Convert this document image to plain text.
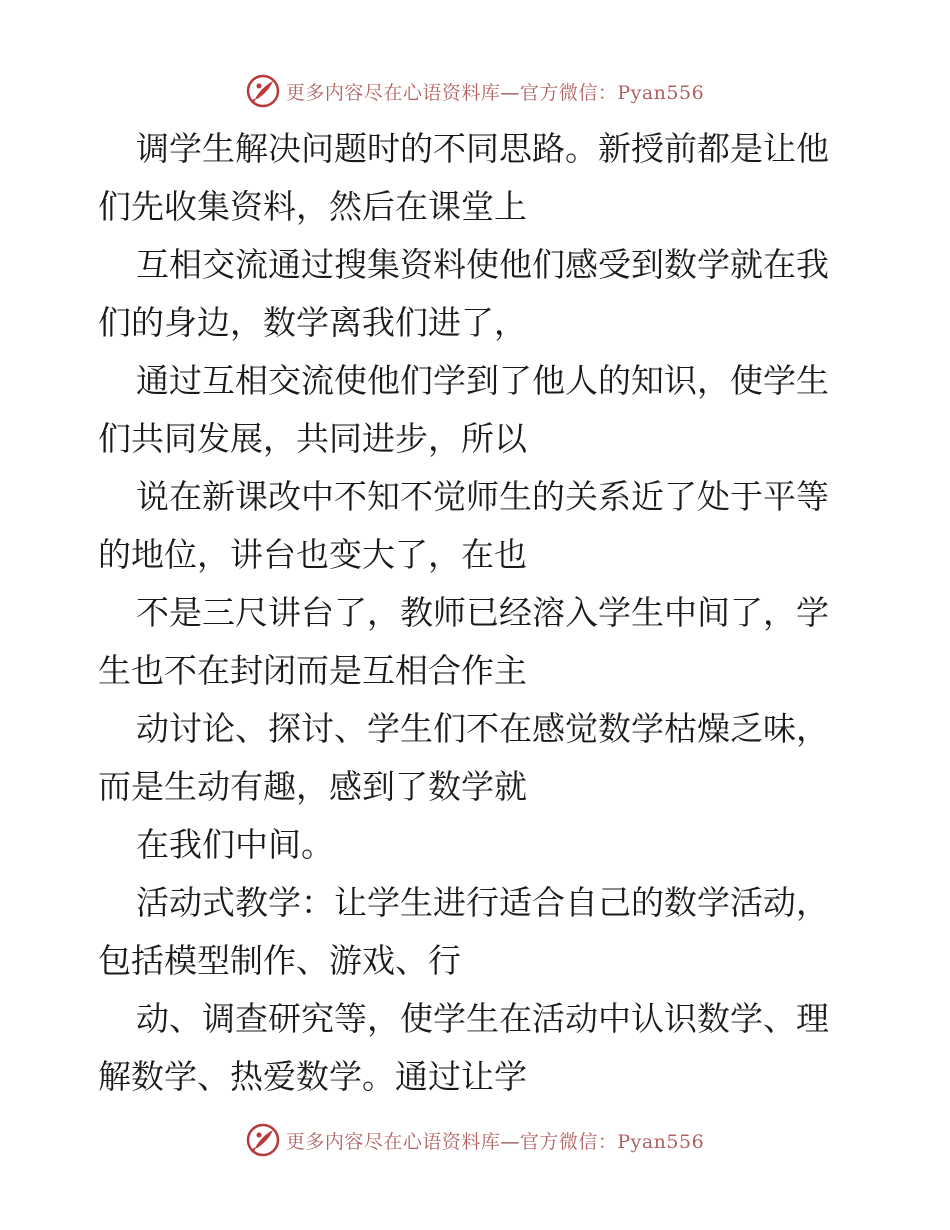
更多内容尽在心语资料库—官方微信：Pyan556

调学生解决问题时的不同思路。新授前都是让他

们先收集资料，然后在课堂上

互相交流通过搜集资料使他们感受到数学就在我

们的身边，数学离我们进了，

通过互相交流使他们学到了他人的知识，使学生

们共同发展，共同进步，所以

说在新课改中不知不觉师生的关系近了处于平等

的地位，讲台也变大了，在也

不是三尺讲台了，教师已经溶入学生中间了，学

生也不在封闭而是互相合作主

动讨论、探讨、学生们不在感觉数学枯燥乏味，

而是生动有趣，感到了数学就

在我们中间。

活动式教学：让学生进行适合自己的数学活动，

包括模型制作、游戏、行

动、调查研究等，使学生在活动中认识数学、理

解数学、热爱数学。通过让学

更多内容尽在心语资料库—官方微信：Pyan556
